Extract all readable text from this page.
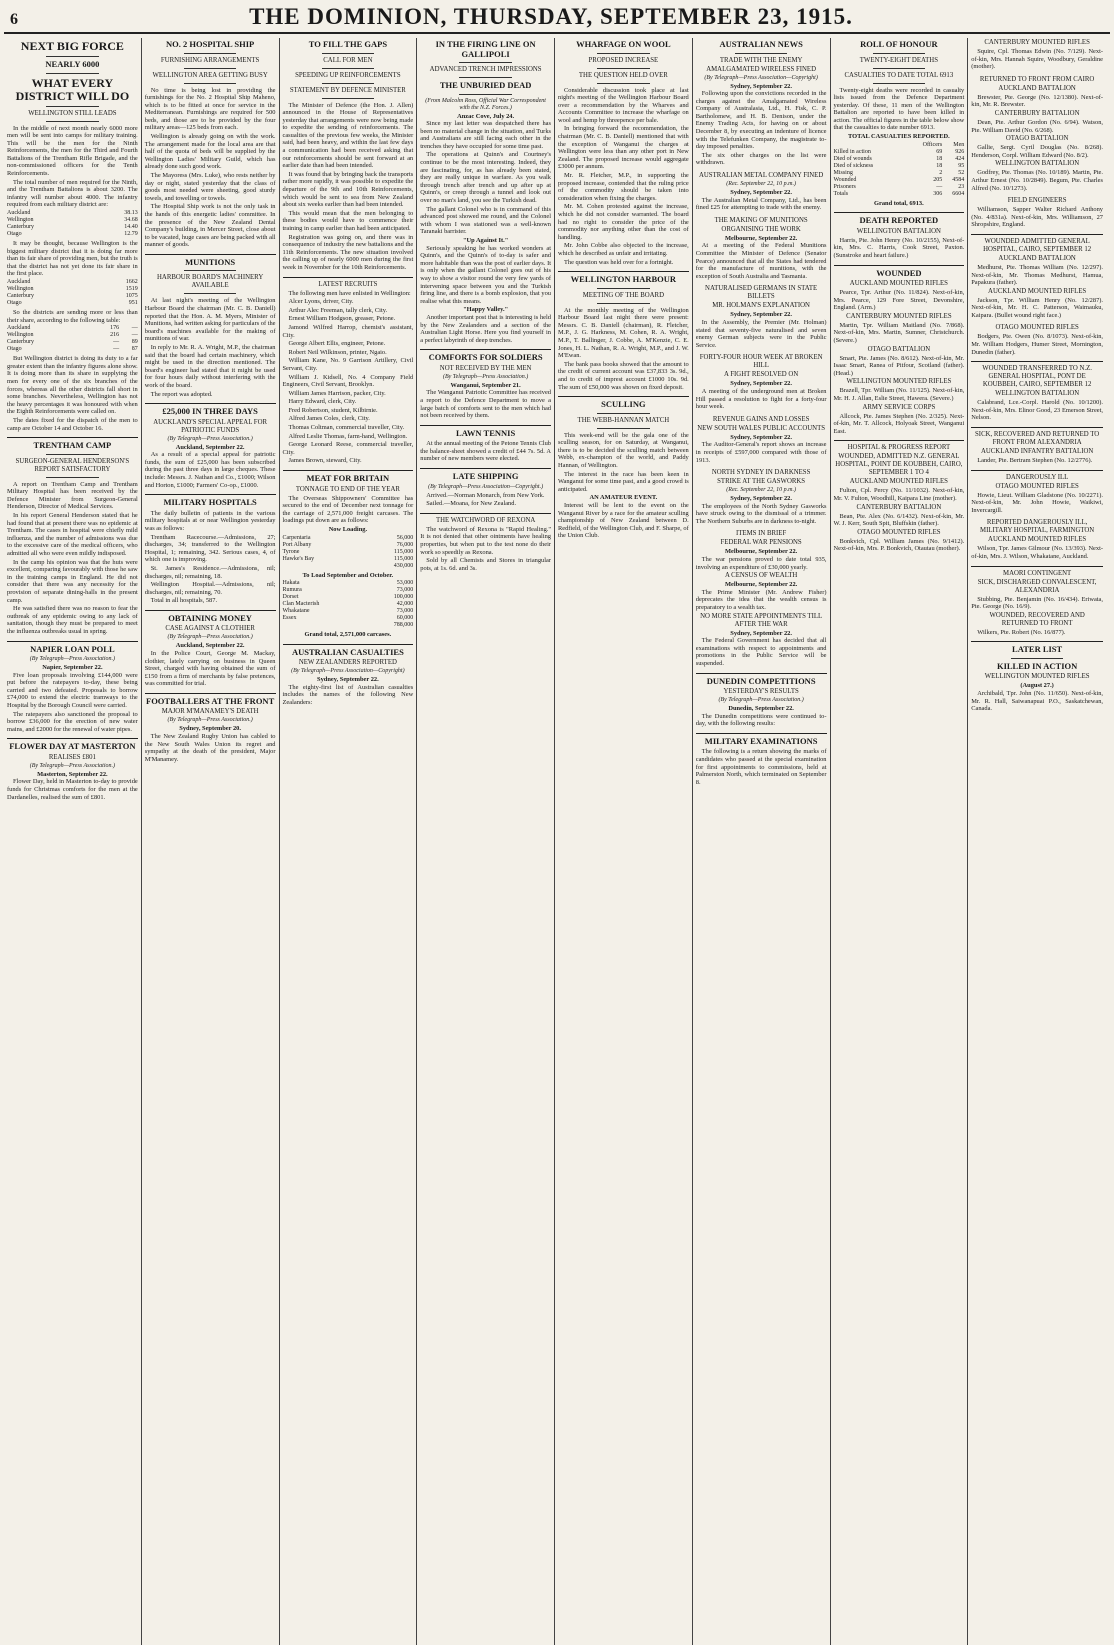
6	THE DOMINION, THURSDAY, SEPTEMBER 23, 1915.
NEXT BIG FORCE
NEARLY 6000
WHAT EVERY DISTRICT WILL DO
WELLINGTON STILL LEADS

In the middle of next month nearly 6000 more men will be sent into camps for military training. This will be the men for the Ninth Reinforcements, the men for the Third and Fourth Battalions of the Trentham Rifle Brigade, and the non-commissioned officers for the Tenth Reinforcements.

The total number of men required for the Ninth, and the Trentham Battalions is about 3200. The infantry will number about 4000. The infantry required from each military district are:

Auckland	38.13
Wellington	34.68
Canterbury	14.40
Otago	12.79

It may be thought, because Wellington is the biggest military district that it is doing far more than its fair share of providing men, but the truth is that the district has not yet done its fair share in the first place.

Auckland	1662
Wellington	1519
Canterbury	1075
Otago	951

So the districts are sending more or less than their share, according to the following table:

Auckland	176	—
Wellington	216	—
Canterbury	—	89
Otago	—	87

But Wellington district is doing its duty to a far greater extent than the infantry figures alone show. It is doing more than its share in supplying the men for every one of the six branches of the forces, whereas all the other districts fall short in some branches. Nevertheless, Wellington has not the heavy percentages it was honoured with when the Eighth Reinforcements were called on.

The dates fixed for the dispatch of the men to camp are October 14 and October 16.

TRENTHAM CAMP
SURGEON-GENERAL HENDERSON'S REPORT SATISFACTORY

A report on Trentham Camp and Trentham Military Hospital has been received by the Defence Minister from Surgeon-General Henderson, Director of Medical Services.

In his report General Henderson stated that he had found that at present there was no epidemic at Trentham. The cases in hospital were chiefly mild influenza, and the number of admissions was due to the excessive care of the medical officers, who admitted all who were even mildly indisposed.

In the camp his opinion was that the huts were excellent, comparing favourably with those he saw in the training camps in England. He did not consider that there was any necessity for the provision of separate dining-halls in the present camp.

He was satisfied there was no reason to fear the outbreak of any epidemic owing to any lack of sanitation, though they must be prepared to meet the influenza outbreaks usual in spring.

NAPIER LOAN POLL
(By Telegraph—Press Association.)
Napier, September 22.

Five loan proposals involving £144,000 were put before the ratepayers to-day, these being carried and two defeated. Proposals to borrow £74,000 to extend the electric tramways to the Hospital by the Borough Council were carried.

The ratepayers also sanctioned the proposal to borrow £36,000 for the erection of new water mains, and £2000 for the renewal of water pipes.

FLOWER DAY AT MASTERTON
REALISES £801
(By Telegraph—Press Association.)
Masterton, September 22.

Flower Day, held in Masterton to-day to provide funds for Christmas comforts for the men at the Dardanelles, realised the sum of £801.

NO. 2 HOSPITAL SHIP
FURNISHING ARRANGEMENTS
WELLINGTON AREA GETTING BUSY

No time is being lost in providing the furnishings for the No. 2 Hospital Ship Maheno, which is to be fitted at once for service in the Mediterranean. Furnishings are required for 500 beds, and those are to be provided by the four military areas—125 beds from each.

Wellington is already going on with the work. The arrangement made for the local area are that half of the quota of beds will be supplied by the Wellington Ladies' Military Guild, which has already done such good work.

The Mayoress (Mrs. Luke), who rests neither by day or night, stated yesterday that the class of goods most needed were sheeting, good sturdy towels, and towelling or towels.

The Hospital Ship work is not the only task in the hands of this energetic ladies' committee. In the presence of the New Zealand Dental Company's building, in Mercer Street, close about to be vacated, huge cases are being packed with all manner of goods.

MUNITIONS
HARBOUR BOARD'S MACHINERY AVAILABLE

At last night's meeting of the Wellington Harbour Board the chairman (Mr. C. B. Daniell) reported that the Hon. A. M. Myers, Minister of Munitions, had written asking for particulars of the board's machines available for the making of munitions of war.

In reply to Mr. R. A. Wright, M.P., the chairman said that the board had certain machinery, which might be used in the direction mentioned. The board's engineer had stated that it might be used for four hours daily without interfering with the work of the board.

The report was adopted.

£25,000 IN THREE DAYS
AUCKLAND'S SPECIAL APPEAL FOR PATRIOTIC FUNDS
(By Telegraph—Press Association.)
Auckland, September 22.

As a result of a special appeal for patriotic funds, the sum of £25,000 has been subscribed during the past three days in large cheques. These include: Messrs. J. Nathan and Co., £1000; Wilson and Horton, £1000; Farmers' Co-op., £1000.

MILITARY HOSPITALS

The daily bulletin of patients in the various military hospitals at or near Wellington yesterday was as follows:

Trentham Racecourse.—Admissions, 27; discharges, 34; transferred to the Wellington Hospital, 1; remaining, 342. Serious cases, 4, of which one is improving.

St. James's Residence.—Admissions, nil; discharges, nil; remaining, 18.

Wellington Hospital.—Admissions, nil; discharges, nil; remaining, 70.

Total in all hospitals, 587.

OBTAINING MONEY
CASE AGAINST A CLOTHIER
(By Telegraph—Press Association.)
Auckland, September 22.

In the Police Court, George M. Mackay, clothier, lately carrying on business in Queen Street, charged with having obtained the sum of £150 from a firm of merchants by false pretences, was committed for trial.

FOOTBALLERS AT THE FRONT
MAJOR M'MANAMEY'S DEATH
(By Telegraph—Press Association.)
Sydney, September 20.

The New Zealand Rugby Union has cabled to the New South Wales Union its regret and sympathy at the death of the president, Major M'Manamey.

TO FILL THE GAPS
CALL FOR MEN
SPEEDING UP REINFORCEMENTS
STATEMENT BY DEFENCE MINISTER

The Minister of Defence (the Hon. J. Allen) announced in the House of Representatives yesterday that arrangements were now being made to expedite the sending of reinforcements. The casualties of the previous few weeks, the Minister said, had been heavy, and within the last few days a communication had been received asking that our reinforcements should be sent forward at an earlier date than had been intended.

It was found that by bringing back the transports rather more rapidly, it was possible to expedite the departure of the 9th and 10th Reinforcements, which would be sent to sea from New Zealand about six weeks earlier than had been intended.

This would mean that the men belonging to these bodies would have to commence their training in camp earlier than had been anticipated.

Registration was going on, and there was in consequence of industry the new battalions and the 11th Reinforcements. The new situation involved the calling up of nearly 6000 men during the first week in November for the 10th Reinforcements.

LATEST RECRUITS

The following men have enlisted in Wellington:

Alcer Lyons, driver, City.

Arthur Alec Freeman, tally clerk, City.

Ernest William Hodgson, greaser, Petone.

Jamond Wilfred Harrop, chemist's assistant, City.

George Albert Ellis, engineer, Petone.

Robert Neil Wilkinson, printer, Ngaio.

William Kane, No. 9 Garrison Artillery, Civil Servant, City.

William J. Kidsell, No. 4 Company Field Engineers, Civil Servant, Brooklyn.

William James Harrison, packer, City.

Harry Edward, clerk, City.

Fred Robertson, student, Kilbirnie.

Alfred James Coles, clerk, City.

Thomas Coltman, commercial traveller, City.

Alfred Leslie Thomas, farm-hand, Wellington.

George Leonard Reese, commercial traveller, City.

James Brown, steward, City.

MEAT FOR BRITAIN
TONNAGE TO END OF THE YEAR

The Overseas Shippowners' Committee has secured to the end of December next tonnage for the carriage of 2,571,000 freight carcases. The loadings put down are as follows:

Now Loading.
Carpentaria	56,000
Port Albany	76,000
Tyrone	115,000
Hawke's Bay	115,000
	430,000
To Load September and October.
Hakata	53,000
Rumura	73,000
Dorset	100,000
Clan Macterish	42,000
Whakatane	73,000
Essex	60,000
	788,000
Grand total, 2,571,000 carcases.
AUSTRALIAN CASUALTIES
NEW ZEALANDERS REPORTED
(By Telegraph—Press Association—Copyright)
Sydney, September 22.

The eighty-first list of Australian casualties includes the names of the following New Zealanders:

IN THE FIRING LINE ON GALLIPOLI
ADVANCED TRENCH IMPRESSIONS
THE UNBURIED DEAD
(From Malcolm Ross, Official War Correspondent with the N.Z. Forces.)
Anzac Cove, July 24.

Since my last letter was despatched there has been no material change in the situation, and Turks and Australians are still facing each other in the trenches they have occupied for some time past.

The operations at Quinn's and Courtney's continue to be the most interesting. Indeed, they are fascinating, for, as has already been stated, they are really unique in warfare. As you walk through trench after trench and up after up at Quinn's, or creep through a tunnel and look out over no man's land, you see the Turkish dead.

The gallant Colonel who is in command of this advanced post showed me round, and the Colonel with whom I was stationed was a well-known Taranaki barrister.

"Up Against It."

Seriously speaking he has worked wonders at Quinn's, and the Quinn's of to-day is safer and more habitable than was the post of earlier days. It is only when the gallant Colonel goes out of his way to show a visitor round the very few yards of intervening space between you and the Turkish firing line, and there is a bomb explosion, that you realise what this means.

"Happy Valley."

Another important post that is interesting is held by the New Zealanders and a section of the Australian Light Horse. Here you find yourself in a perfect labyrinth of deep trenches.

COMFORTS FOR SOLDIERS
NOT RECEIVED BY THE MEN
(By Telegraph—Press Association.)
Wanganui, September 21.

The Wanganui Patriotic Committee has received a report to the Defence Department to move a large batch of comforts sent to the men which had not been received by them.

LAWN TENNIS

At the annual meeting of the Petone Tennis Club the balance-sheet showed a credit of £44 7s. 5d. A number of new members were elected.

LATE SHIPPING
(By Telegraph—Press Association—Copyright.)

Arrived.—Norman Monarch, from New York.

Sailed.—Moana, for New Zealand.

THE WATCHWORD OF REXONA

The watchword of Rexona is "Rapid Healing." It is not denied that other ointments have healing properties, but when put to the test none do their work so speedily as Rexona.

Sold by all Chemists and Stores in triangular pots, at 1s. 6d. and 3s.

WHARFAGE ON WOOL
PROPOSED INCREASE
THE QUESTION HELD OVER

Considerable discussion took place at last night's meeting of the Wellington Harbour Board over a recommendation by the Wharves and Accounts Committee to increase the wharfage on wool and hemp by threepence per bale.

In bringing forward the recommendation, the chairman (Mr. C. B. Daniell) mentioned that with the exception of Wanganui the charges at Wellington were less than any other port in New Zealand. The proposed increase would aggregate £3000 per annum.

Mr. R. Fletcher, M.P., in supporting the proposed increase, contended that the ruling price of the commodity should be taken into consideration when fixing the charges.

Mr. M. Cohen protested against the increase, which he did not consider warranted. The board had no right to consider the price of the commodity nor anything other than the cost of handling.

Mr. John Cobbe also objected to the increase, which he described as unfair and irritating.

The question was held over for a fortnight.

WELLINGTON HARBOUR
MEETING OF THE BOARD

At the monthly meeting of the Wellington Harbour Board last night there were present: Messrs. C. B. Daniell (chairman), R. Fletcher, M.P., J. G. Harkness, M. Cohen, R. A. Wright, M.P., T. Ballinger, J. Cobbe, A. M'Kenzie, C. E. Jones, H. L. Nathan, R. A. Wright, M.P., and J. W. M'Ewan.

The bank pass books showed that the amount to the credit of current account was £37,833 3s. 9d., and to credit of imprest account £1000 10s. 9d. The sum of £50,000 was shown on fixed deposit.

SCULLING
THE WEBB-HANNAN MATCH

This week-end will be the gala one of the sculling season, for on Saturday, at Wanganui, there is to be decided the sculling match between Webb, ex-champion of the world, and Paddy Hannan, of Wellington.

The interest in the race has been keen in Wanganui for some time past, and a good crowd is anticipated.

AN AMATEUR EVENT.

Interest will be lent to the event on the Wanganui River by a race for the amateur sculling championship of New Zealand between D. Redfield, of the Wellington Club, and F. Sharpe, of the Union Club.

AUSTRALIAN NEWS
TRADE WITH THE ENEMY
AMALGAMATED WIRELESS FINED
(By Telegraph—Press Association—Copyright)
Sydney, September 22.

Following upon the convictions recorded in the charges against the Amalgamated Wireless Company of Australasia, Ltd., H. Fisk, C. P. Bartholomew, and H. B. Denison, under the Enemy Trading Acts, for having on or about December 8, by executing an indenture of licence with the Telefunken Company, the magistrate to-day imposed penalties.

The six other charges on the list were withdrawn.

AUSTRALIAN METAL COMPANY FINED
(Rec. September 22, 10 p.m.)
Sydney, September 22.

The Australian Metal Company, Ltd., has been fined £25 for attempting to trade with the enemy.

THE MAKING OF MUNITIONS
ORGANISING THE WORK
Melbourne, September 22.

At a meeting of the Federal Munitions Committee the Minister of Defence (Senator Pearce) announced that all the States had tendered for the manufacture of munitions, with the exception of South Australia and Tasmania.

NATURALISED GERMANS IN STATE BILLETS
MR. HOLMAN'S EXPLANATION
Sydney, September 22.

In the Assembly, the Premier (Mr. Holman) stated that seventy-five naturalised and seven enemy German subjects were in the Public Service.

FORTY-FOUR HOUR WEEK AT BROKEN HILL
A FIGHT RESOLVED ON
Sydney, September 22.

A meeting of the underground men at Broken Hill passed a resolution to fight for a forty-four hour week.

REVENUE GAINS AND LOSSES
NEW SOUTH WALES PUBLIC ACCOUNTS
Sydney, September 22.

The Auditor-General's report shows an increase in receipts of £597,000 compared with those of 1913.

NORTH SYDNEY IN DARKNESS
STRIKE AT THE GASWORKS
(Rec. September 22, 10 p.m.)
Sydney, September 22.

The employees of the North Sydney Gasworks have struck owing to the dismissal of a trimmer. The Northern Suburbs are in darkness to-night.

ITEMS IN BRIEF
FEDERAL WAR PENSIONS
Melbourne, September 22.

The war pensions proved to date total 935, involving an expenditure of £30,000 yearly.

A CENSUS OF WEALTH
Melbourne, September 22.

The Prime Minister (Mr. Andrew Fisher) deprecates the idea that the wealth census is preparatory to a wealth tax.

NO MORE STATE APPOINTMENTS TILL AFTER THE WAR
Sydney, September 22.

The Federal Government has decided that all examinations with respect to appointments and promotions in the Public Service will be suspended.

DUNEDIN COMPETITIONS
YESTERDAY'S RESULTS
(By Telegraph—Press Association.)
Dunedin, September 22.

The Dunedin competitions were continued to-day, with the following results:

MILITARY EXAMINATIONS

The following is a return showing the marks of candidates who passed at the special examination for first appointments to commissions, held at Palmerston North, which terminated on September 8.

ROLL OF HONOUR
TWENTY-EIGHT DEATHS
CASUALTIES TO DATE TOTAL 6913

Twenty-eight deaths were recorded in casualty lists issued from the Defence Department yesterday. Of these, 11 men of the Wellington Battalion are reported to have been killed in action. The official figures in the table below show that the casualties to date number 6913.

TOTAL CASUALTIES REPORTED.
	Officers	Men
Killed in action	69	926
Died of wounds	18	424
Died of sickness	18	95
Missing	2	52
Wounded	205	4584
Prisoners	—	23
Totals	306	6604
Grand total, 6913.
DEATH REPORTED
WELLINGTON BATTALION

Harris, Pte. John Henry (No. 10/2155), Next-of-kin, Mrs. C. Harris, Cook Street, Paxton. (Sunstroke and heart failure.)

WOUNDED
AUCKLAND MOUNTED RIFLES

Pearce, Tpr. Arthur (No. 11/824). Next-of-kin, Mrs. Pearce, 129 Fore Street, Devonshire, England. (Arm.)

CANTERBURY MOUNTED RIFLES

Martin, Tpr. William Maitland (No. 7/868). Next-of-kin, Mrs. Martin, Sumner, Christchurch. (Severe.)

OTAGO BATTALION

Smart, Pte. James (No. 8/612). Next-of-kin, Mr. Isaac Smart, Ranea of Pitfour, Scotland (father). (Head.)

WELLINGTON MOUNTED RIFLES

Brazell, Tpr. William (No. 11/125). Next-of-kin, Mr. H. J. Allan, Eslie Street, Hawera. (Severe.)

ARMY SERVICE CORPS

Allcock, Pte. James Stephen (No. 2/325). Next-of-kin, Mr. T. Allcock, Holyoak Street, Wanganui East.

HOSPITAL & PROGRESS REPORT
WOUNDED, ADMITTED N.Z. GENERAL HOSPITAL, POINT DE KOUBBEH, CAIRO, SEPTEMBER 1 TO 4
AUCKLAND MOUNTED RIFLES

Fulton, Cpl. Percy (No. 11/1032). Next-of-kin, Mr. V. Fulton, Woodhill, Kaipara Line (mother).

CANTERBURY BATTALION

Bean, Pte. Alex (No. 6/1432). Next-of-kin, Mr. W. J. Kerr, South Spit, Bluffskin (father).

OTAGO MOUNTED RIFLES

Bonkvich, Cpl. William James (No. 9/1412). Next-of-kin, Mrs. P. Bonkvich, Otautau (mother).

CANTERBURY MOUNTED RIFLES

Squire, Cpl. Thomas Edwin (No. 7/129). Next-of-kin, Mrs. Hannah Squire, Woodbury, Geraldine (mother).

RETURNED TO FRONT FROM CAIRO
AUCKLAND BATTALION

Brewster, Pte. George (No. 12/1380). Next-of-kin, Mr. R. Brewster.

CANTERBURY BATTALION

Dean, Pte. Arthur Gordon (No. 6/94). Watson, Pte. William David (No. 6/268).

OTAGO BATTALION

Gallie, Sergt. Cyril Douglas (No. 8/268). Henderson, Corpl. William Edward (No. 8/2).

WELLINGTON BATTALION

Godfrey, Pte. Thomas (No. 10/189). Martin, Pte. Arthur Ernest (No. 10/2849). Begum, Pte. Charles Alfred (No. 10/1273).

FIELD ENGINEERS

Williamson, Sapper Walter Richard Anthony (No. 4/831a). Next-of-kin, Mrs. Williamson, 27 Shropshire, England.

WOUNDED ADMITTED GENERAL HOSPITAL, CAIRO, SEPTEMBER 12
AUCKLAND BATTALION

Medhurst, Pte. Thomas William (No. 12/297). Next-of-kin, Mr. Thomas Medhurst, Hamua, Papakura (father).

AUCKLAND MOUNTED RIFLES

Jackson, Tpr. William Henry (No. 12/287). Next-of-kin, Mr. H. C. Patterson, Waimauku, Kaipara. (Bullet wound right face.)

OTAGO MOUNTED RIFLES

Bodgers, Pte. Owen (No. 8/1073). Next-of-kin, Mr. William Hodgers, Humer Street, Mornington, Dunedin (father).

WOUNDED TRANSFERRED TO N.Z. GENERAL HOSPITAL, PONT DE KOUBBEH, CAIRO, SEPTEMBER 12
WELLINGTON BATTALION

Calabrand, Lce.-Corpl. Harold (No. 10/1200). Next-of-kin, Mrs. Elinor Good, 23 Emerson Street, Nelson.

SICK, RECOVERED AND RETURNED TO FRONT FROM ALEXANDRIA
AUCKLAND INFANTRY BATTALION

Lander, Pte. Bertram Stephen (No. 12/2776).

DANGEROUSLY ILL
OTAGO MOUNTED RIFLES

Howie, Lieut. William Gladstone (No. 10/2271). Next-of-kin, Mr. John Howie, Waikiwi, Invercargill.

REPORTED DANGEROUSLY ILL, MILITARY HOSPITAL, FARMINGTON
AUCKLAND MOUNTED RIFLES

Wilson, Tpr. James Gilmour (No. 13/393). Next-of-kin, Mrs. J. Wilson, Whakatane, Auckland.

MAORI CONTINGENT
SICK, DISCHARGED CONVALESCENT, ALEXANDRIA

Stubbing, Pte. Benjamin (No. 16/434). Eriwata, Pte. George (No. 16/9).

WOUNDED, RECOVERED AND RETURNED TO FRONT

Wilkers, Pte. Robert (No. 16/877).

LATER LIST
KILLED IN ACTION
WELLINGTON MOUNTED RIFLES
(August 27.)

Archibald, Tpr. John (No. 11/650). Next-of-kin, Mr. R. Hall, Saiwanapuai P.O., Saskatchewan, Canada.
